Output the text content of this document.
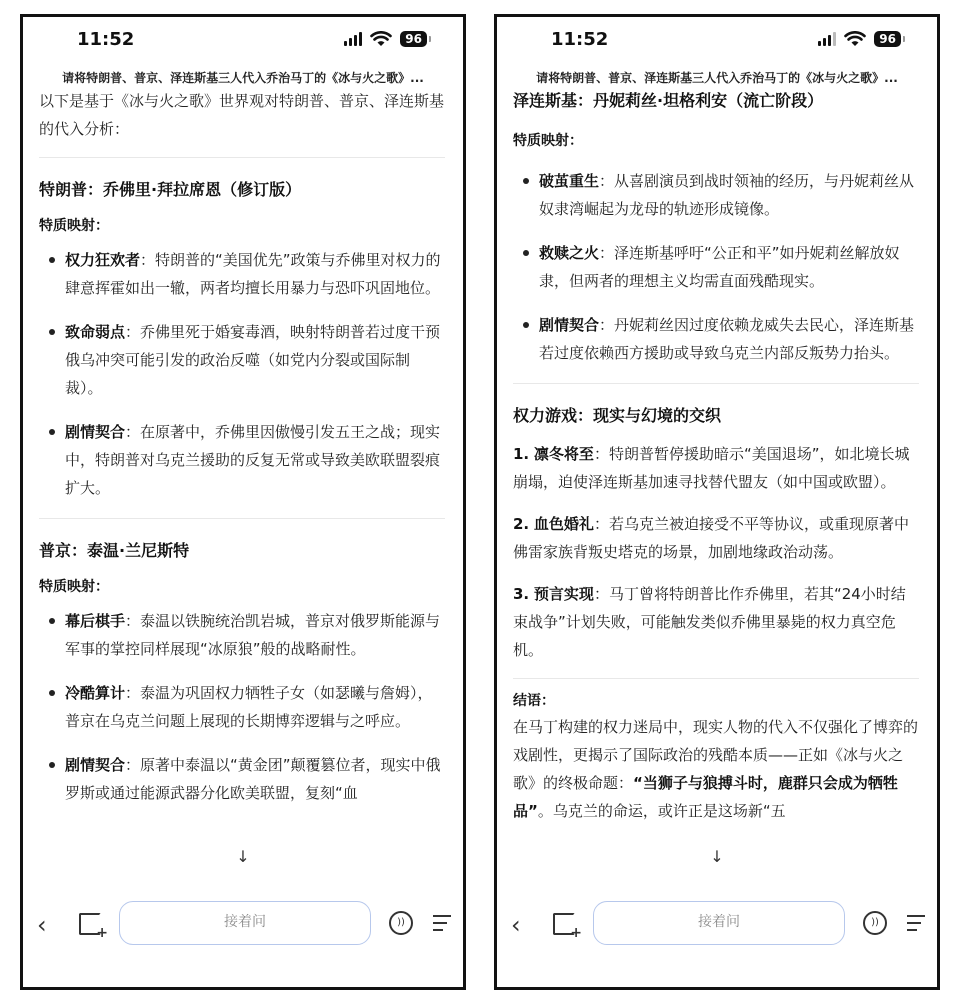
11:52	96
请将特朗普、普京、泽连斯基三人代入乔治马丁的《冰与火之歌》...

以下是基于《冰与火之歌》世界观对特朗普、普京、泽连斯基的代入分析：

特朗普：乔佛里·拜拉席恩（修订版）
特质映射：
权力狂欢者：特朗普的“美国优先”政策与乔佛里对权力的肆意挥霍如出一辙，两者均擅长用暴力与恐吓巩固地位。
致命弱点：乔佛里死于婚宴毒酒，映射特朗普若过度干预俄乌冲突可能引发的政治反噬（如党内分裂或国际制裁）。
剧情契合：在原著中，乔佛里因傲慢引发五王之战；现实中，特朗普对乌克兰援助的反复无常或导致美欧联盟裂痕扩大。
普京：泰温·兰尼斯特
特质映射：
幕后棋手：泰温以铁腕统治凯岩城，普京对俄罗斯能源与军事的掌控同样展现“冰原狼”般的战略耐性。
冷酷算计：泰温为巩固权力牺牲子女（如瑟曦与詹姆），普京在乌克兰问题上展现的长期博弈逻辑与之呼应。
剧情契合：原著中泰温以“黄金团”颠覆篡位者，现实中俄罗斯或通过能源武器分化欧美联盟，复刻“血
↓
‹ +	接着问	))
11:52	96
请将特朗普、普京、泽连斯基三人代入乔治马丁的《冰与火之歌》...
泽连斯基：丹妮莉丝·坦格利安（流亡阶段）
特质映射：
破茧重生：从喜剧演员到战时领袖的经历，与丹妮莉丝从奴隶湾崛起为龙母的轨迹形成镜像。
救赎之火：泽连斯基呼吁“公正和平”如丹妮莉丝解放奴隶，但两者的理想主义均需直面残酷现实。
剧情契合：丹妮莉丝因过度依赖龙威失去民心，泽连斯基若过度依赖西方援助或导致乌克兰内部反叛势力抬头。
权力游戏：现实与幻境的交织
1. 凛冬将至：特朗普暂停援助暗示“美国退场”，如北境长城崩塌，迫使泽连斯基加速寻找替代盟友（如中国或欧盟）。
2. 血色婚礼：若乌克兰被迫接受不平等协议，或重现原著中佛雷家族背叛史塔克的场景，加剧地缘政治动荡。
3. 预言实现：马丁曾将特朗普比作乔佛里，若其“24小时结束战争”计划失败，可能触发类似乔佛里暴毙的权力真空危机。
结语：

在马丁构建的权力迷局中，现实人物的代入不仅强化了博弈的戏剧性，更揭示了国际政治的残酷本质——正如《冰与火之歌》的终极命题：“当狮子与狼搏斗时，鹿群只会成为牺牲品”。乌克兰的命运，或许正是这场新“五

↓
‹ +	接着问	))
